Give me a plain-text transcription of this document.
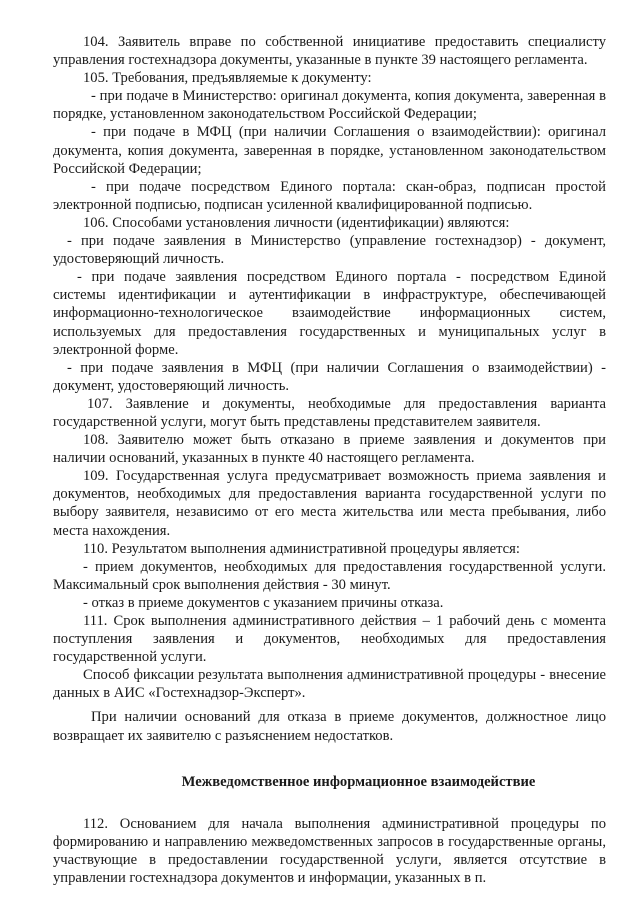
104. Заявитель вправе по собственной инициативе предоставить специалисту управления гостехнадзора документы, указанные в пункте 39 настоящего регламента.

105. Требования, предъявляемые к документу:

- при подаче в Министерство: оригинал документа, копия документа, заверенная в порядке, установленном законодательством Российской Федерации;

- при подаче в МФЦ (при наличии Соглашения о взаимодействии): оригинал документа, копия документа, заверенная в порядке, установленном законодательством Российской Федерации;

- при подаче посредством Единого портала: скан-образ, подписан простой электронной подписью, подписан усиленной квалифицированной подписью.

106. Способами установления личности (идентификации) являются:

- при подаче заявления в Министерство (управление гостехнадзор) - документ, удостоверяющий личность.

- при подаче заявления посредством Единого портала - посредством Единой системы идентификации и аутентификации в инфраструктуре, обеспечивающей информационно-технологическое взаимодействие информационных систем, используемых для предоставления государственных и муниципальных услуг в электронной форме.

- при подаче заявления в МФЦ (при наличии Соглашения о взаимодействии) - документ, удостоверяющий личность.

107. Заявление и документы, необходимые для предоставления варианта государственной услуги, могут быть представлены представителем заявителя.

108. Заявителю может быть отказано в приеме заявления и документов при наличии оснований, указанных в пункте 40 настоящего регламента.

109. Государственная услуга предусматривает возможность приема заявления и документов, необходимых для предоставления варианта государственной услуги по выбору заявителя, независимо от его места жительства или места пребывания, либо места нахождения.

110. Результатом выполнения административной процедуры является:

- прием документов, необходимых для предоставления государственной услуги. Максимальный срок выполнения действия - 30 минут.

- отказ в приеме документов с указанием причины отказа.

111. Срок выполнения административного действия – 1 рабочий день с момента поступления заявления и документов, необходимых для предоставления государственной услуги.

Способ фиксации результата выполнения административной процедуры - внесение данных в АИС «Гостехнадзор-Эксперт».

При наличии оснований для отказа в приеме документов, должностное лицо возвращает их заявителю с разъяснением недостатков.

Межведомственное информационное взаимодействие

112. Основанием для начала выполнения административной процедуры по формированию и направлению межведомственных запросов в государственные органы, участвующие в предоставлении государственной услуги, является отсутствие в управлении гостехнадзора документов и информации, указанных в п.
